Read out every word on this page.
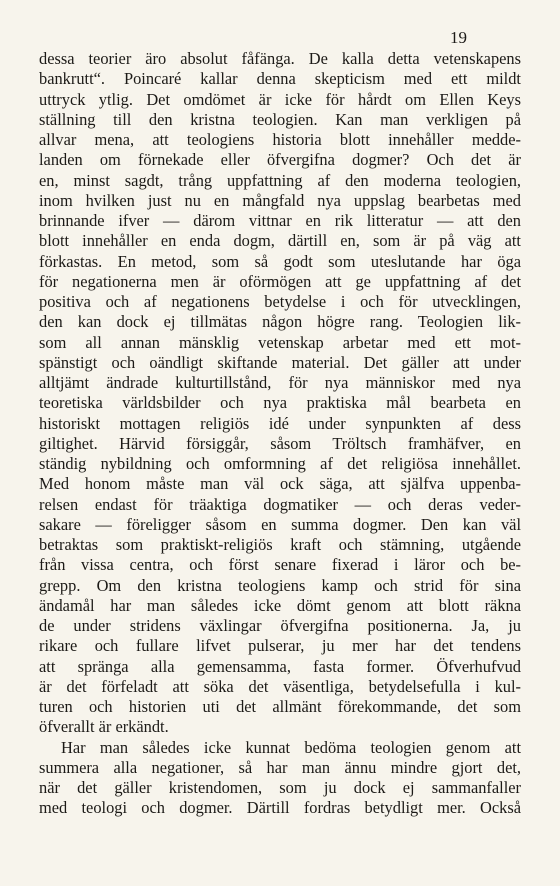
19
dessa teorier äro absolut fåfänga. De kalla detta vetenskapens
bankrutt“. Poincaré kallar denna skepticism med ett mildt
uttryck ytlig. Det omdömet är icke för hårdt om Ellen Keys
ställning till den kristna teologien. Kan man verkligen på
allvar mena, att teologiens historia blott innehåller medde-
landen om förnekade eller öfvergifna dogmer? Och det är
en, minst sagdt, trång uppfattning af den moderna teologien,
inom hvilken just nu en mångfald nya uppslag bearbetas med
brinnande ifver — därom vittnar en rik litteratur — att den
blott innehåller en enda dogm, därtill en, som är på väg att
förkastas. En metod, som så godt som uteslutande har öga
för negationerna men är oförmögen att ge uppfattning af det
positiva och af negationens betydelse i och för utvecklingen,
den kan dock ej tillmätas någon högre rang. Teologien lik-
som all annan mänsklig vetenskap arbetar med ett mot-
spänstigt och oändligt skiftande material. Det gäller att under
alltjämt ändrade kulturtillstånd, för nya människor med nya
teoretiska världsbilder och nya praktiska mål bearbeta en
historiskt mottagen religiös idé under synpunkten af dess
giltighet. Härvid försiggår, såsom Tröltsch framhäfver, en
ständig nybildning och omformning af det religiösa innehållet.
Med honom måste man väl ock säga, att själfva uppenba-
relsen endast för träaktiga dogmatiker — och deras veder-
sakare — föreligger såsom en summa dogmer. Den kan väl
betraktas som praktiskt-religiös kraft och stämning, utgående
från vissa centra, och först senare fixerad i läror och be-
grepp. Om den kristna teologiens kamp och strid för sina
ändamål har man således icke dömt genom att blott räkna
de under stridens växlingar öfvergifna positionerna. Ja, ju
rikare och fullare lifvet pulserar, ju mer har det tendens
att spränga alla gemensamma, fasta former. Öfverhufvud
är det förfeladt att söka det väsentliga, betydelsefulla i kul-
turen och historien uti det allmänt förekommande, det som
öfverallt är erkändt.
Har man således icke kunnat bedöma teologien genom att
summera alla negationer, så har man ännu mindre gjort det,
när det gäller kristendomen, som ju dock ej sammanfaller
med teologi och dogmer. Därtill fordras betydligt mer. Också
